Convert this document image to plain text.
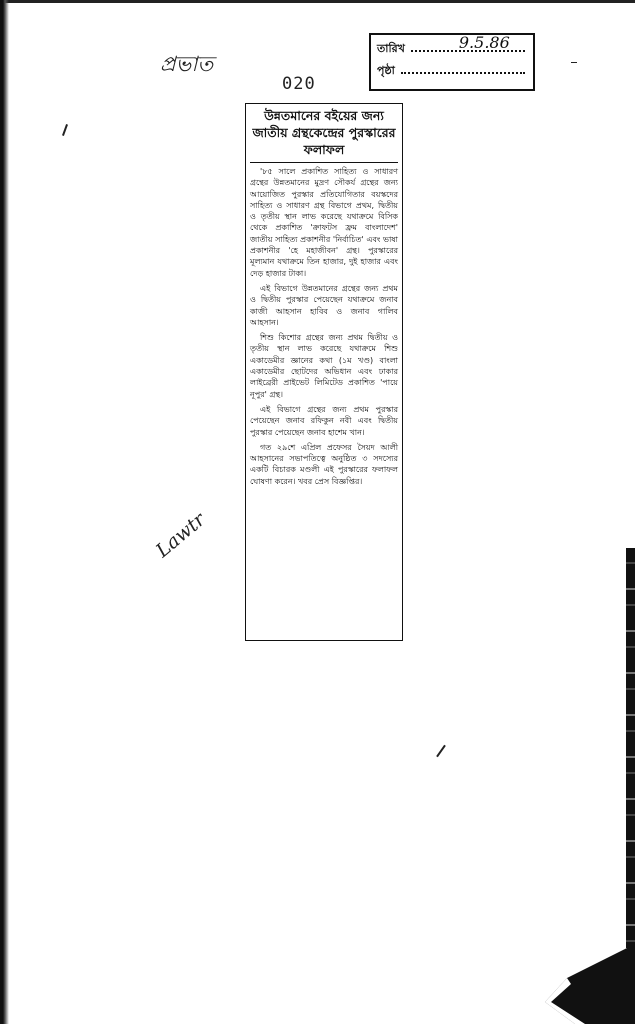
প্রভাত
020
তারিখ	9.5.86
পৃষ্ঠা
উন্নতমানের বইয়ের জন্য জাতীয় গ্রন্থকেন্দ্রের পুরস্কারের ফলাফল

'৮৫ সালে প্রকাশিত সাহিত্য ও সাধারণ গ্রন্থের উন্নতমানের মুদ্রণ সৌকর্য গ্রন্থের জন্য আয়োজিত পুরস্কার প্রতিযোগিতার বয়স্কদের সাহিত্য ও সাধারণ গ্রন্থ বিভাগে প্রথম, দ্বিতীয় ও তৃতীয় স্থান লাভ করেছে যথাক্রমে বিসিক থেকে প্রকাশিত 'ক্রাফটস ফ্রম বাংলাদেশ' জাতীয় সাহিত্য প্রকাশনীর 'নির্বাচিত' এবং ভাষা প্রকাশনীর 'হে মহাজীবন' গ্রন্থ। পুরস্কারের মূল্যমান যথাক্রমে তিন হাজার, দুই হাজার এবং দেড় হাজার টাকা।

এই বিভাগে উন্নতমানের গ্রন্থের জন্য প্রথম ও দ্বিতীয় পুরস্কার পেয়েছেন যথাক্রমে জনাব কাজী আহসান হাবিব ও জনাব গালিব আহসান।

শিশু কিশোর গ্রন্থের জন্য প্রথম দ্বিতীয় ও তৃতীয় স্থান লাভ করেছে যথাক্রমে শিশু একাডেমীর জ্ঞানের কথা (১ম খণ্ড) বাংলা একাডেমীর ছোটদের অভিধান এবং ঢাকার লাইব্রেরী প্রাইভেট লিমিটেড প্রকাশিত 'পায়ে নূপুর' গ্রন্থ।

এই বিভাগে গ্রন্থের জন্য প্রথম পুরস্কার পেয়েছেন জনাব রফিকুন নবী এবং দ্বিতীয় পুরস্কার পেয়েছেন জনাব হাশেম খান।

গত ২৯শে এপ্রিল প্রফেসর সৈয়দ আলী আহসানের সভাপতিত্বে অনুষ্ঠিত ৩ সদস্যের একটি বিচারক মণ্ডলী এই পুরস্কারের ফলাফল ঘোষণা করেন। খবর প্রেস বিজ্ঞপ্তির।

Lawtr
